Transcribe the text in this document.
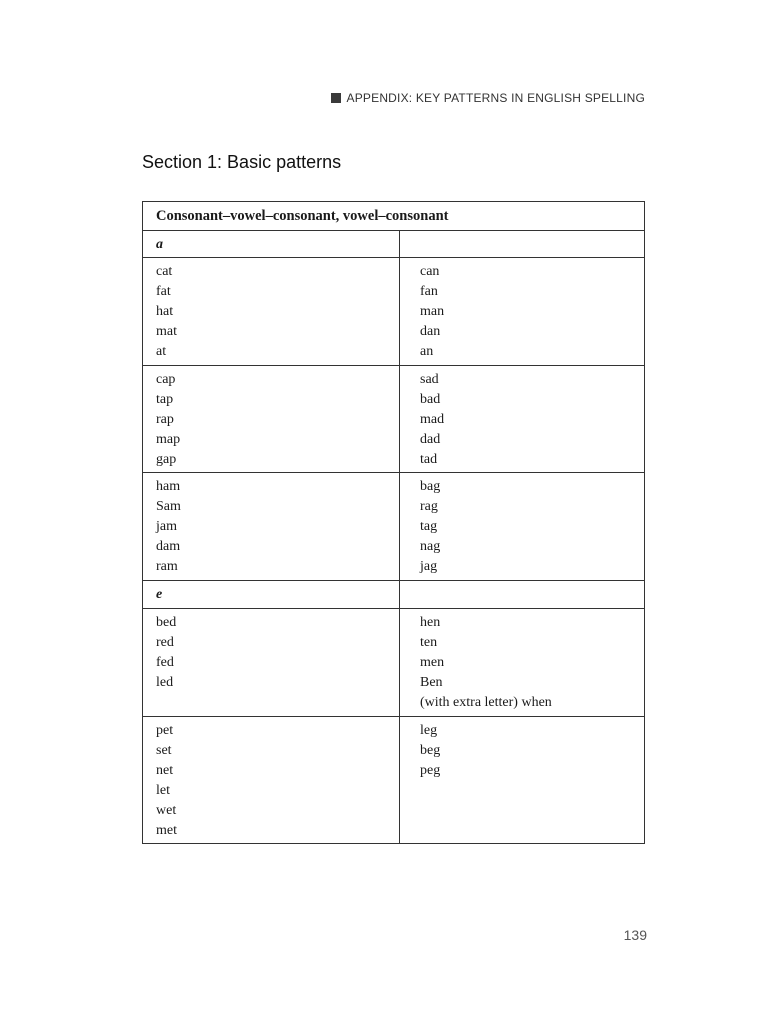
APPENDIX: KEY PATTERNS IN ENGLISH SPELLING
Section 1: Basic patterns
Consonant–vowel–consonant, vowel–consonant
a
cat
fat
hat
mat
at
can
fan
man
dan
an
cap
tap
rap
map
gap
sad
bad
mad
dad
tad
ham
Sam
jam
dam
ram
bag
rag
tag
nag
jag
e
bed
red
fed
led
hen
ten
men
Ben
(with extra letter) when
pet
set
net
let
wet
met
leg
beg
peg
139
